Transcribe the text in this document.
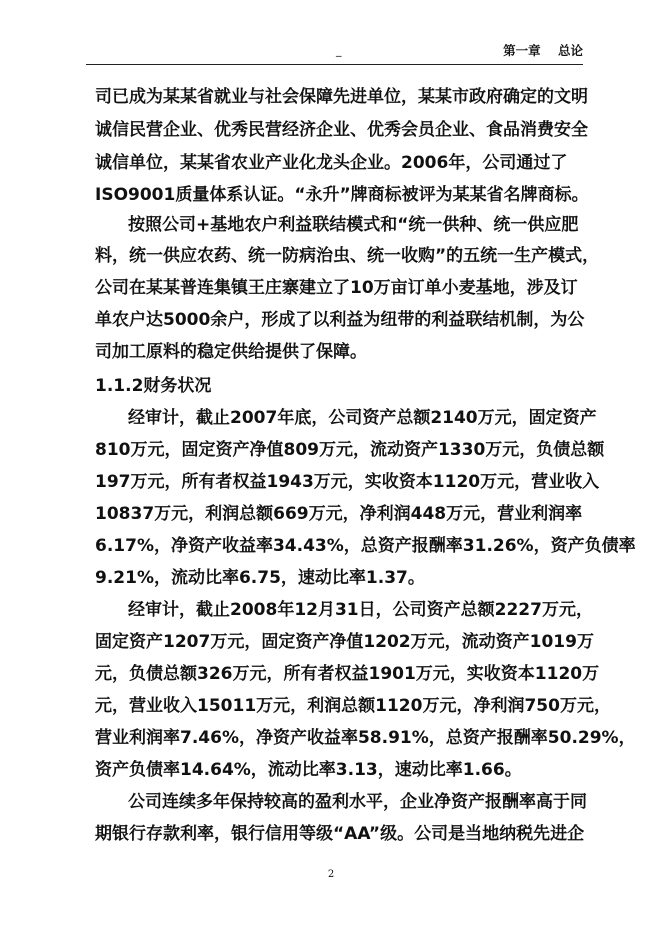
_	第一章    总论
司已成为某某省就业与社会保障先进单位，某某市政府确定的文明
诚信民营企业、优秀民营经济企业、优秀会员企业、食品消费安全
诚信单位，某某省农业产业化龙头企业。2006年，公司通过了
ISO9001质量体系认证。“永升”牌商标被评为某某省名牌商标。
按照公司+基地农户利益联结模式和“统一供种、统一供应肥
料，统一供应农药、统一防病治虫、统一收购”的五统一生产模式，
公司在某某普连集镇王庄寨建立了10万亩订单小麦基地，涉及订
单农户达5000余户，形成了以利益为纽带的利益联结机制，为公
司加工原料的稳定供给提供了保障。
1.1.2财务状况
经审计，截止2007年底，公司资产总额2140万元，固定资产
810万元，固定资产净值809万元，流动资产1330万元，负债总额
197万元，所有者权益1943万元，实收资本1120万元，营业收入
10837万元，利润总额669万元，净利润448万元，营业利润率
6.17%，净资产收益率34.43%，总资产报酬率31.26%，资产负债率
9.21%，流动比率6.75，速动比率1.37。
经审计，截止2008年12月31日，公司资产总额2227万元，
固定资产1207万元，固定资产净值1202万元，流动资产1019万
元，负债总额326万元，所有者权益1901万元，实收资本1120万
元，营业收入15011万元，利润总额1120万元，净利润750万元，
营业利润率7.46%，净资产收益率58.91%，总资产报酬率50.29%，
资产负债率14.64%，流动比率3.13，速动比率1.66。
公司连续多年保持较高的盈利水平，企业净资产报酬率高于同
期银行存款利率，银行信用等级“AA”级。公司是当地纳税先进企
2
